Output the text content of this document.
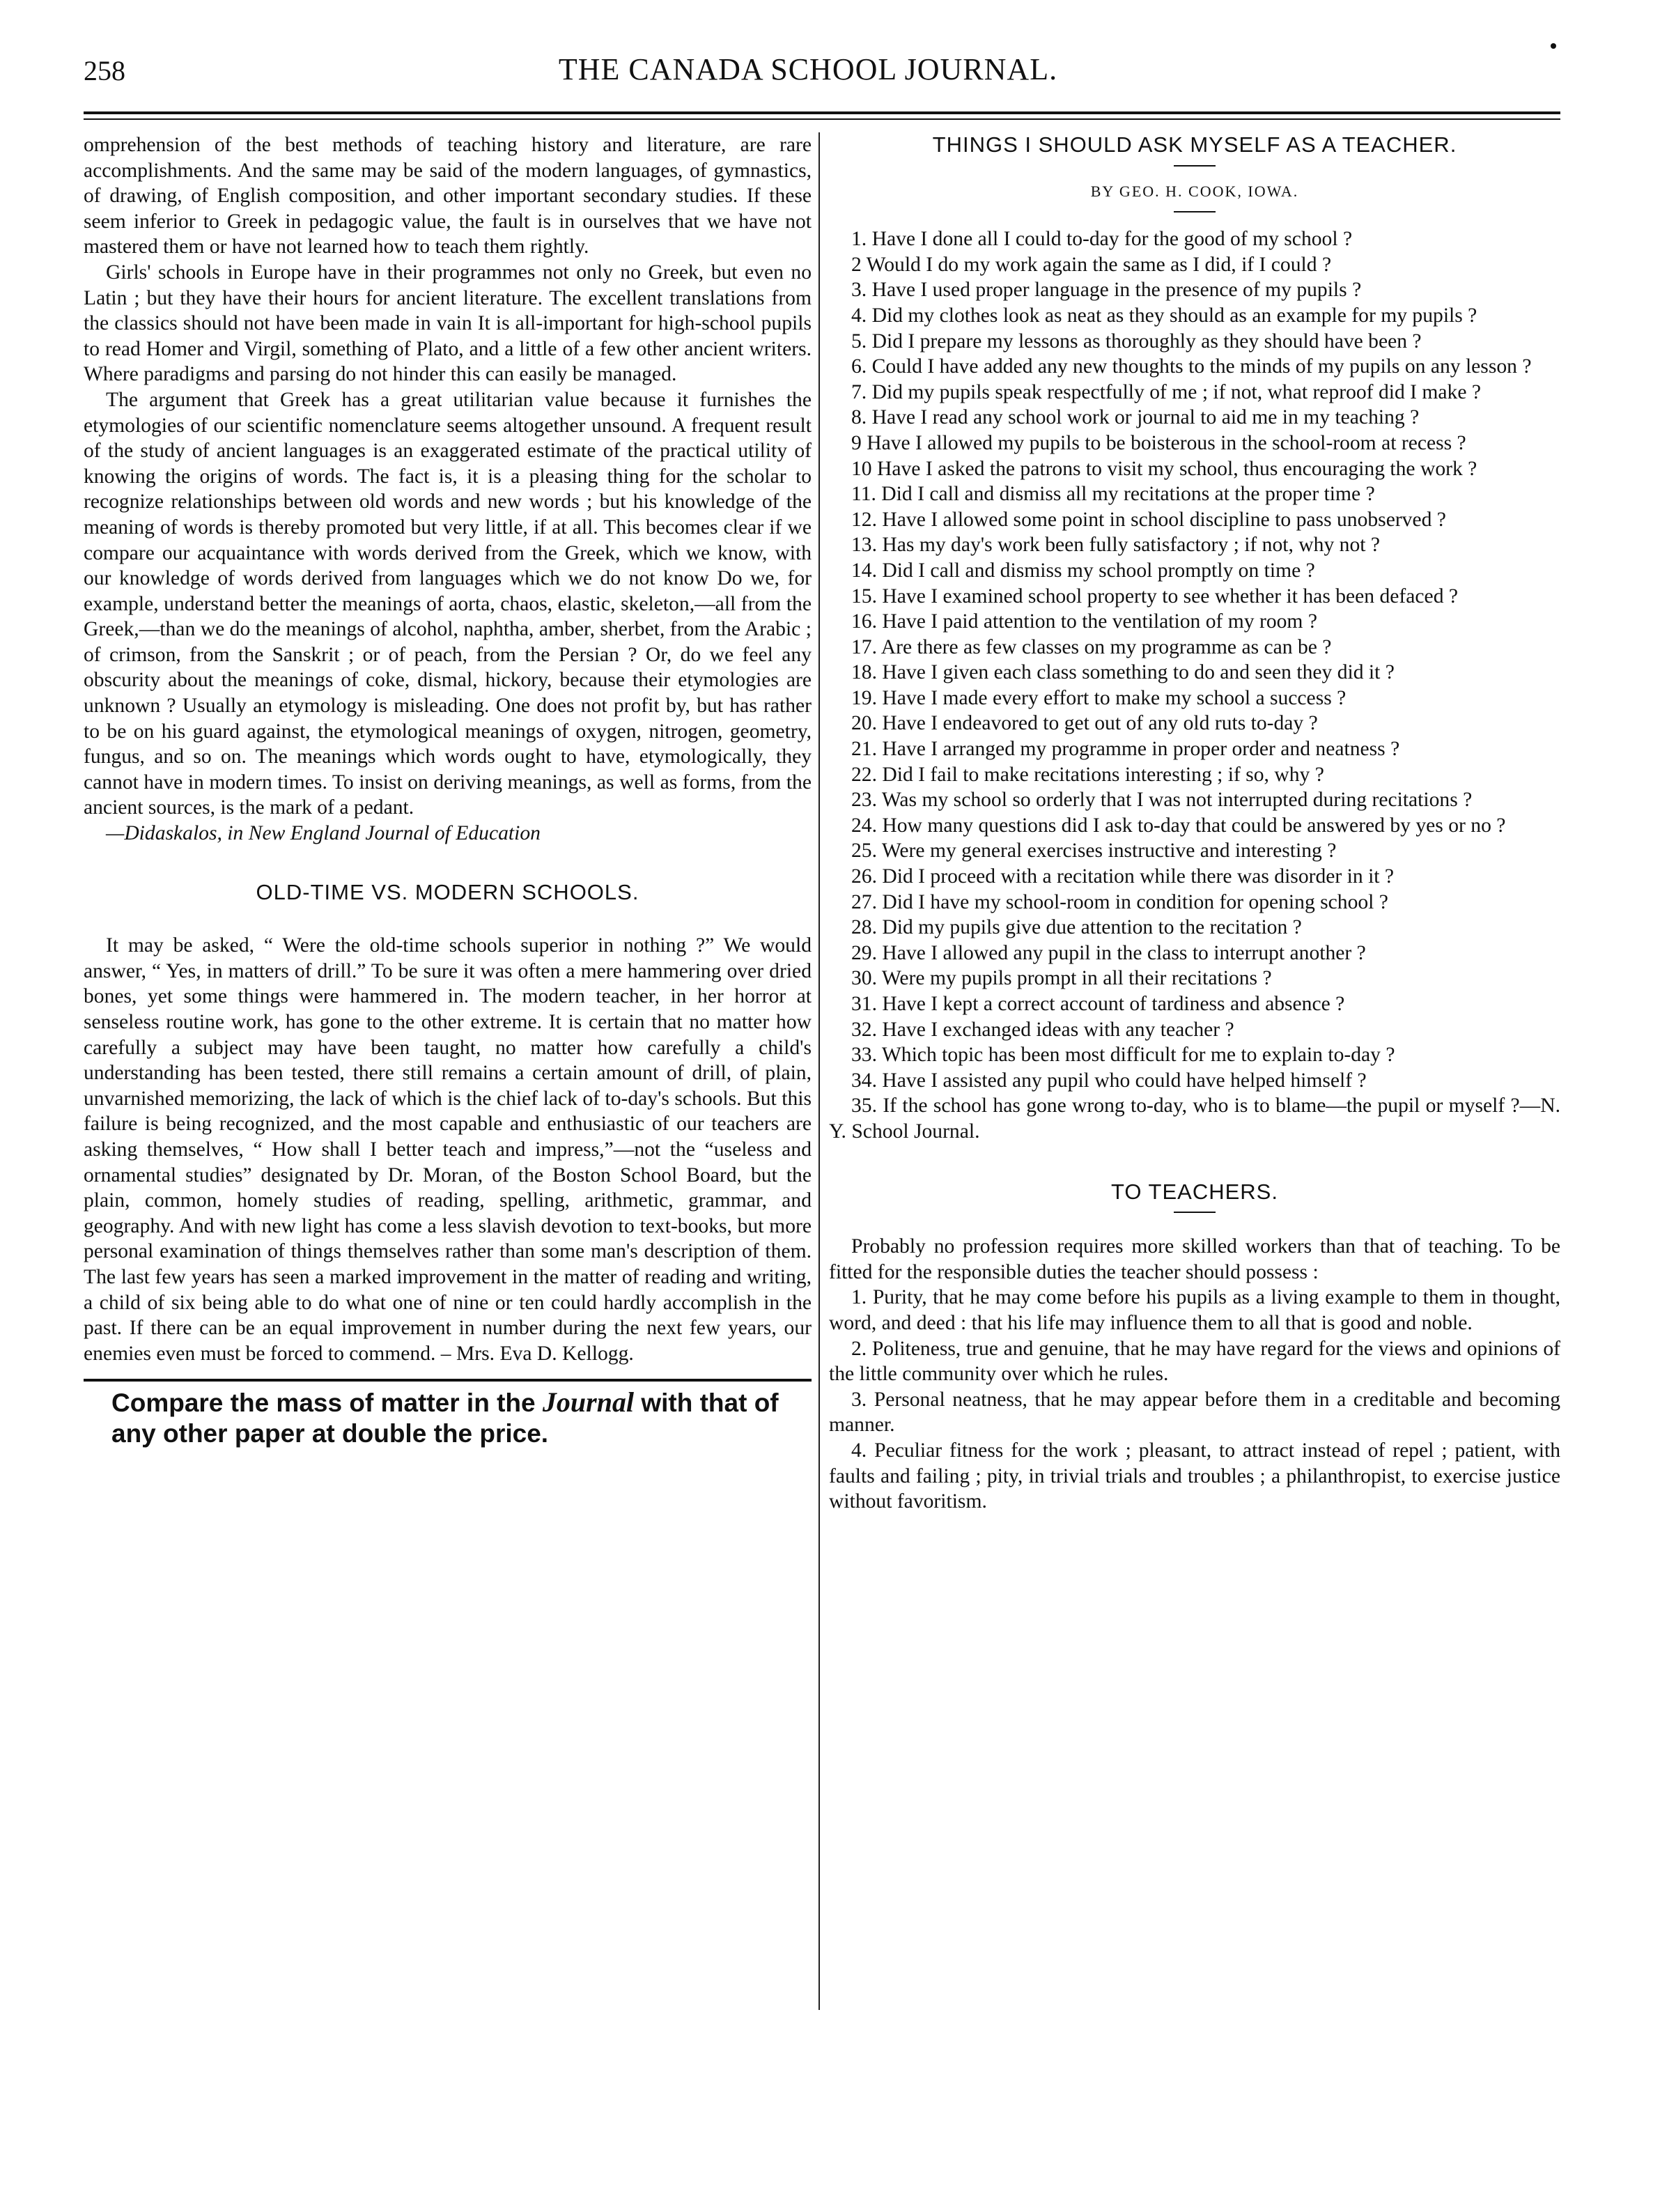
258	THE CANADA SCHOOL JOURNAL.

omprehension of the best methods of teaching history and literature, are rare accomplishments. And the same may be said of the modern languages, of gymnastics, of drawing, of English composition, and other important secondary studies. If these seem inferior to Greek in pedagogic value, the fault is in ourselves that we have not mastered them or have not learned how to teach them rightly.

Girls' schools in Europe have in their programmes not only no Greek, but even no Latin ; but they have their hours for ancient literature. The excellent translations from the classics should not have been made in vain It is all-important for high-school pupils to read Homer and Virgil, something of Plato, and a little of a few other ancient writers. Where paradigms and parsing do not hinder this can easily be managed.

The argument that Greek has a great utilitarian value because it furnishes the etymologies of our scientific nomenclature seems altogether unsound. A frequent result of the study of ancient languages is an exaggerated estimate of the practical utility of knowing the origins of words. The fact is, it is a pleasing thing for the scholar to recognize relationships between old words and new words ; but his knowledge of the meaning of words is thereby promoted but very little, if at all. This becomes clear if we compare our acquaintance with words derived from the Greek, which we know, with our knowledge of words derived from languages which we do not know Do we, for example, understand better the meanings of aorta, chaos, elastic, skeleton,—all from the Greek,—than we do the meanings of alcohol, naphtha, amber, sherbet, from the Arabic ; of crimson, from the Sanskrit ; or of peach, from the Persian ? Or, do we feel any obscurity about the meanings of coke, dismal, hickory, because their etymologies are unknown ? Usually an etymology is misleading. One does not profit by, but has rather to be on his guard against, the etymological meanings of oxygen, nitrogen, geometry, fungus, and so on. The meanings which words ought to have, etymologically, they cannot have in modern times. To insist on deriving meanings, as well as forms, from the ancient sources, is the mark of a pedant.

—Didaskalos, in New England Journal of Education

OLD-TIME VS. MODERN SCHOOLS.

It may be asked, “ Were the old-time schools superior in nothing ?” We would answer, “ Yes, in matters of drill.” To be sure it was often a mere hammering over dried bones, yet some things were hammered in. The modern teacher, in her horror at senseless routine work, has gone to the other extreme. It is certain that no matter how carefully a subject may have been taught, no matter how carefully a child's understanding has been tested, there still remains a certain amount of drill, of plain, unvarnished memorizing, the lack of which is the chief lack of to-day's schools. But this failure is being recognized, and the most capable and enthusiastic of our teachers are asking themselves, “ How shall I better teach and impress,”—not the “useless and ornamental studies” designated by Dr. Moran, of the Boston School Board, but the plain, common, homely studies of reading, spelling, arithmetic, grammar, and geography. And with new light has come a less slavish devotion to text-books, but more personal examination of things themselves rather than some man's description of them. The last few years has seen a marked improvement in the matter of reading and writing, a child of six being able to do what one of nine or ten could hardly accomplish in the past. If there can be an equal improvement in number during the next few years, our enemies even must be forced to commend. – Mrs. Eva D. Kellogg.

Compare the mass of matter in the Journal with that of any other paper at double the price.

THINGS I SHOULD ASK MYSELF AS A TEACHER.

BY GEO. H. COOK, IOWA.

1. Have I done all I could to-day for the good of my school ?

2 Would I do my work again the same as I did, if I could ?

3. Have I used proper language in the presence of my pupils ?

4. Did my clothes look as neat as they should as an example for my pupils ?

5. Did I prepare my lessons as thoroughly as they should have been ?

6. Could I have added any new thoughts to the minds of my pupils on any lesson ?

7. Did my pupils speak respectfully of me ; if not, what reproof did I make ?

8. Have I read any school work or journal to aid me in my teaching ?

9 Have I allowed my pupils to be boisterous in the school-room at recess ?

10 Have I asked the patrons to visit my school, thus encouraging the work ?

11. Did I call and dismiss all my recitations at the proper time ?

12. Have I allowed some point in school discipline to pass unobserved ?

13. Has my day's work been fully satisfactory ; if not, why not ?

14. Did I call and dismiss my school promptly on time ?

15. Have I examined school property to see whether it has been defaced ?

16. Have I paid attention to the ventilation of my room ?

17. Are there as few classes on my programme as can be ?

18. Have I given each class something to do and seen they did it ?

19. Have I made every effort to make my school a success ?

20. Have I endeavored to get out of any old ruts to-day ?

21. Have I arranged my programme in proper order and neatness ?

22. Did I fail to make recitations interesting ; if so, why ?

23. Was my school so orderly that I was not interrupted during recitations ?

24. How many questions did I ask to-day that could be answered by yes or no ?

25. Were my general exercises instructive and interesting ?

26. Did I proceed with a recitation while there was disorder in it ?

27. Did I have my school-room in condition for opening school ?

28. Did my pupils give due attention to the recitation ?

29. Have I allowed any pupil in the class to interrupt another ?

30. Were my pupils prompt in all their recitations ?

31. Have I kept a correct account of tardiness and absence ?

32. Have I exchanged ideas with any teacher ?

33. Which topic has been most difficult for me to explain to-day ?

34. Have I assisted any pupil who could have helped himself ?

35. If the school has gone wrong to-day, who is to blame—the pupil or myself ?—N. Y. School Journal.

TO TEACHERS.

Probably no profession requires more skilled workers than that of teaching. To be fitted for the responsible duties the teacher should possess :

1. Purity, that he may come before his pupils as a living example to them in thought, word, and deed : that his life may influence them to all that is good and noble.

2. Politeness, true and genuine, that he may have regard for the views and opinions of the little community over which he rules.

3. Personal neatness, that he may appear before them in a creditable and becoming manner.

4. Peculiar fitness for the work ; pleasant, to attract instead of repel ; patient, with faults and failing ; pity, in trivial trials and troubles ; a philanthropist, to exercise justice without favoritism.
